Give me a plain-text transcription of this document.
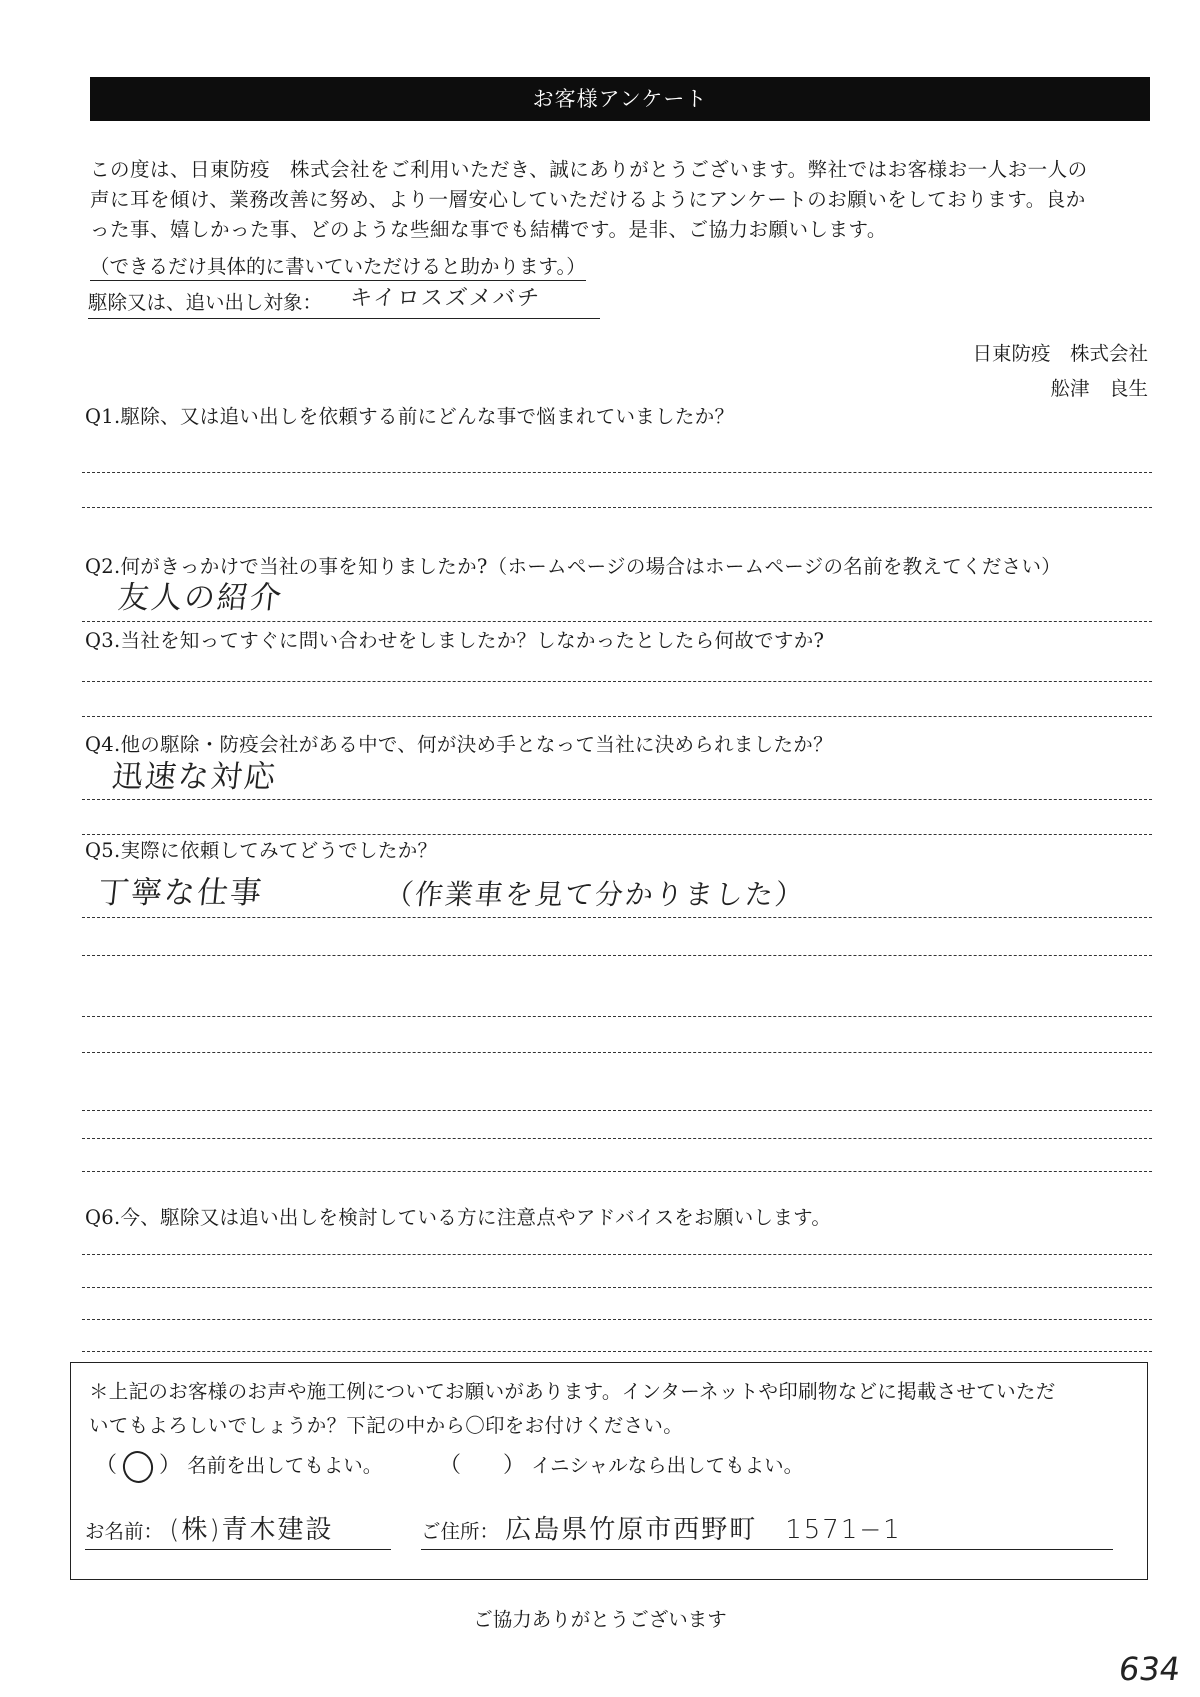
お客様アンケート
この度は、日東防疫　株式会社をご利用いただき、誠にありがとうございます。弊社ではお客様お一人お一人の
声に耳を傾け、業務改善に努め、より一層安心していただけるようにアンケートのお願いをしております。良か
った事、嬉しかった事、どのような些細な事でも結構です。是非、ご協力お願いします。
（できるだけ具体的に書いていただけると助かります。）
駆除又は、追い出し対象： キイロスズメバチ
日東防疫　株式会社
舩津　良生
Q1.駆除、又は追い出しを依頼する前にどんな事で悩まれていましたか？
Q2.何がきっかけで当社の事を知りましたか?（ホームページの場合はホームページの名前を教えてください）
友人の紹介
Q3.当社を知ってすぐに問い合わせをしましたか？しなかったとしたら何故ですか?
Q4.他の駆除・防疫会社がある中で、何が決め手となって当社に決められましたか？
迅速な対応
Q5.実際に依頼してみてどうでしたか？
丁寧な仕事	（作業車を見て分かりました）
Q6.今、駆除又は追い出しを検討している方に注意点やアドバイスをお願いします。
＊上記のお客様のお声や施工例についてお願いがあります。インターネットや印刷物などに掲載させていただ
いてもよろしいでしょうか？下記の中から〇印をお付けください。
（ ） 名前を出してもよい。	（ ） イニシャルなら出してもよい。
お名前： (株)青木建設	ご住所： 広島県竹原市西野町　1571−1
ご協力ありがとうございます
634
